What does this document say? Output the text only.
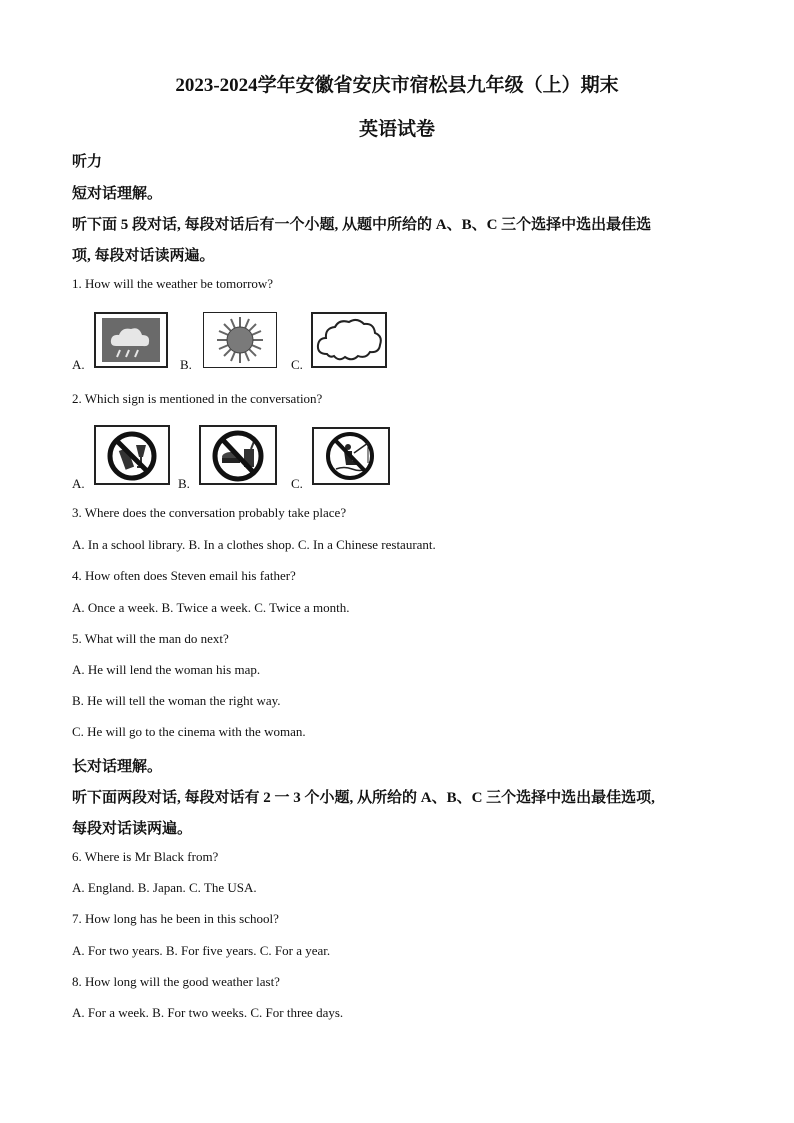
2023-2024学年安徽省安庆市宿松县九年级（上）期末
英语试卷
听力
短对话理解。
听下面 5 段对话, 每段对话后有一个小题, 从题中所给的 A、B、C 三个选择中选出最佳选
项, 每段对话读两遍。
1. How will the weather be tomorrow?
A.	B.	C.
2. Which sign is mentioned in the conversation?
A.	B.	C.
3. Where does the conversation probably take place?
A. In a school library. B. In a clothes shop. C. In a Chinese restaurant.
4. How often does Steven email his father?
A. Once a week. B. Twice a week. C. Twice a month.
5. What will the man do next?
A. He will lend the woman his map.
B. He will tell the woman the right way.
C. He will go to the cinema with the woman.
长对话理解。
听下面两段对话, 每段对话有 2 一 3 个小题, 从所给的 A、B、C 三个选择中选出最佳选项,
每段对话读两遍。
6. Where is Mr Black from?
A. England. B. Japan. C. The USA.
7. How long has he been in this school?
A. For two years. B. For five years. C. For a year.
8. How long will the good weather last?
A. For a week. B. For two weeks. C. For three days.
